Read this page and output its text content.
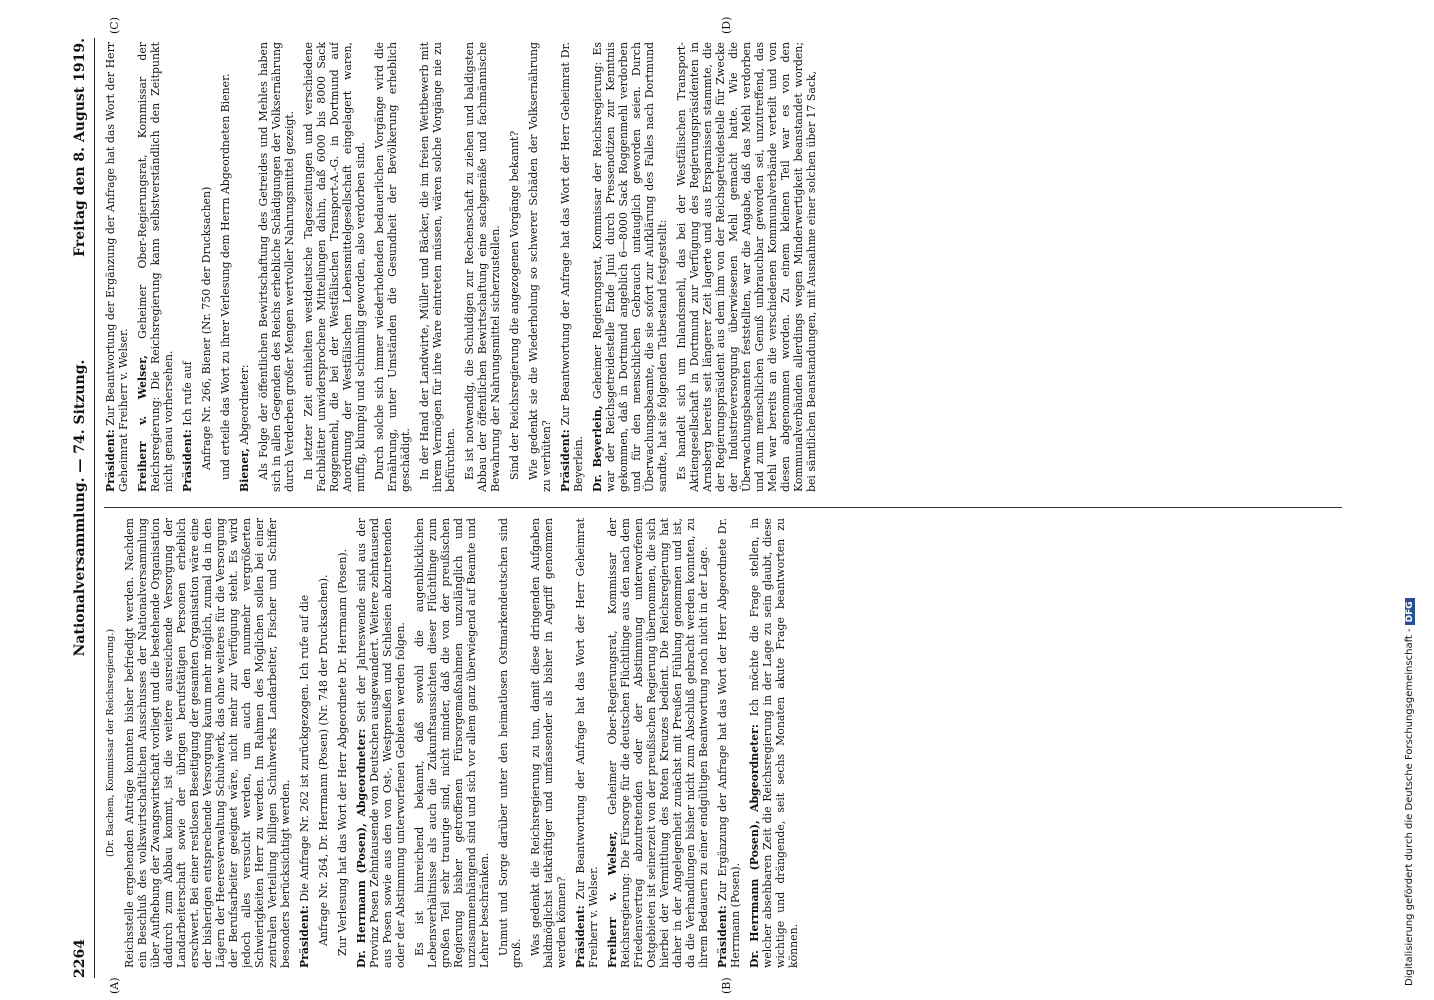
2264
Nationalversammlung. — 74. Sitzung.
Freitag den 8. August 1919.
(A)	(B)
(C)	(D)

(Dr. Bachem, Kommissar der Reichsregierung.) Reichsstelle ergehenden Anträge konnten bisher befriedigt werden. Nachdem ein Beschluß des volkswirtschaftlichen Ausschusses der Nationalversammlung über Aufhebung der Zwangswirtschaft vorliegt und die bestehende Organisation dadurch zum Abbau kommt, ist die weitere ausreichende Versorgung der Landarbeiterschaft sowie der übrigen berufstätigen Personen erheblich erschwert. Bei einer restlosen Beseitigung der gesamten Organisation wäre eine der bisherigen entsprechende Versorgung kaum mehr möglich, zumal da in den Lägern der Heeresverwaltung Schuhwerk, das ohne weiteres für die Versorgung der Berufsarbeiter geeignet wäre, nicht mehr zur Verfügung steht. Es wird jedoch alles versucht werden, um auch den nunmehr vergrößerten Schwierigkeiten Herr zu werden. Im Rahmen des Möglichen sollen bei einer zentralen Verteilung billigen Schuhwerks Landarbeiter, Fischer und Schiffer besonders berücksichtigt werden. Präsident: Die Anfrage Nr. 262 ist zurückgezogen. Ich rufe auf die Anfrage Nr. 264, Dr. Herrmann (Posen) (Nr. 748 der Drucksachen). Zur Verlesung hat das Wort der Herr Abgeordnete Dr. Herrmann (Posen). Dr. Herrmann (Posen), Abgeordneter: Seit der Jahreswende sind aus der Provinz Posen Zehntausende von Deutschen ausgewandert. Weitere zehntausend aus Posen sowie aus den von Ost-, Westpreußen und Schlesien abzutretenden oder der Abstimmung unterworfenen Gebieten werden folgen. Es ist hinreichend bekannt, daß sowohl die augenblicklichen Lebensverhältnisse als auch die Zukunftsaussichten dieser Flüchtlinge zum großen Teil sehr traurige sind, nicht minder, daß die von der preußischen Regierung bisher getroffenen Fürsorgemaßnahmen unzulänglich und unzusammenhängend sind und sich vor allem ganz überwiegend auf Beamte und Lehrer beschränken. Unmut und Sorge darüber unter den heimatlosen Ostmarkendeutschen sind groß. Was gedenkt die Reichsregierung zu tun, damit diese dringenden Aufgaben baldmöglichst tatkräftiger und umfassender als bisher in Angriff genommen werden können? Präsident: Zur Beantwortung der Anfrage hat das Wort der Herr Geheimrat Freiherr v. Welser. Freiherr v. Welser, Geheimer Ober-Regierungsrat, Kommissar der Reichsregierung: Die Fürsorge für die deutschen Flüchtlinge aus den nach dem Friedensvertrag abzutretenden oder der Abstimmung unterworfenen Ostgebieten ist seinerzeit von der preußischen Regierung übernommen, die sich hierbei der Vermittlung des Roten Kreuzes bedient. Die Reichsregierung hat daher in der Angelegenheit zunächst mit Preußen Fühlung genommen und ist, da die Verhandlungen bisher nicht zum Abschluß gebracht werden konnten, zu ihrem Bedauern zu einer endgültigen Beantwortung noch nicht in der Lage. Präsident: Zur Ergänzung der Anfrage hat das Wort der Herr Abgeordnete Dr. Herrmann (Posen). Dr. Herrmann (Posen), Abgeordneter: Ich möchte die Frage stellen, in welcher absehbaren Zeit die Reichsregierung in der Lage zu sein glaubt, diese wichtige und drängende, seit sechs Monaten akute Frage beantworten zu können.

Präsident: Zur Beantwortung der Ergänzung der Anfrage hat das Wort der Herr Geheimrat Freiherr v. Welser. Freiherr v. Welser, Geheimer Ober-Regierungsrat, Kommissar der Reichsregierung: Die Reichsregierung kann selbstverständlich den Zeitpunkt nicht genau vorhersehen. Präsident: Ich rufe auf Anfrage Nr. 266, Biener (Nr. 750 der Drucksachen) und erteile das Wort zu ihrer Verlesung dem Herrn Abgeordneten Biener. Biener, Abgeordneter: Als Folge der öffentlichen Bewirtschaftung des Getreides und Mehles haben sich in allen Gegenden des Reichs erhebliche Schädigungen der Volksernährung durch Verderben großer Mengen wertvoller Nahrungsmittel gezeigt. In letzter Zeit enthielten westdeutsche Tageszeitungen und verschiedene Fachblätter unwidersprochene Mitteilungen dahin, daß 6000 bis 8000 Sack Roggenmehl, die bei der Westfälischen Transport-A.-G. in Dortmund auf Anordnung der Westfälischen Lebensmittelgesellschaft eingelagert waren, muffig, klumpig und schimmlig geworden, also verdorben sind. Durch solche sich immer wiederholenden bedauerlichen Vorgänge wird die Ernährung, unter Umständen die Gesundheit der Bevölkerung erheblich geschädigt. In der Hand der Landwirte, Müller und Bäcker, die im freien Wettbewerb mit ihrem Vermögen für ihre Ware eintreten müssen, wären solche Vorgänge nie zu befürchten. Es ist notwendig, die Schuldigen zur Rechenschaft zu ziehen und baldigsten Abbau der öffentlichen Bewirtschaftung eine sachgemäße und fachmännische Bewahrung der Nahrungsmittel sicherzustellen. Sind der Reichsregierung die angezogenen Vorgänge bekannt? Wie gedenkt sie die Wiederholung so schwerer Schäden der Volksernährung zu verhüten? Präsident: Zur Beantwortung der Anfrage hat das Wort der Herr Geheimrat Dr. Beyerlein. Dr. Beyerlein, Geheimer Regierungsrat, Kommissar der Reichsregierung: Es war der Reichsgetreidestelle Ende Juni durch Pressenotizen zur Kenntnis gekommen, daß in Dortmund angeblich 6—8000 Sack Roggenmehl verdorben und für den menschlichen Gebrauch untauglich geworden seien. Durch Überwachungsbeamte, die sie sofort zur Aufklärung des Falles nach Dortmund sandte, hat sie folgenden Tatbestand festgestellt: Es handelt sich um Inlandsmehl, das bei der Westfälischen Transport-Aktiengesellschaft in Dortmund zur Verfügung des Regierungspräsidenten in Arnsberg bereits seit längerer Zeit lagerte und aus Ersparnissen stammte, die der Regierungspräsident aus dem ihm von der Reichsgetreidestelle für Zwecke der Industrieversorgung überwiesenen Mehl gemacht hatte. Wie die Überwachungsbeamten feststellten, war die Angabe, daß das Mehl verdorben und zum menschlichen Genuß unbrauchbar geworden sei, unzutreffend, das Mehl war bereits an die verschiedenen Kommunalverbände verteilt und von diesen abgenommen worden. Zu einem kleinen Teil war es von den Kommunalverbänden allerdings wegen Minderwertigkeit beanstandet worden; bei sämtlichen Beanstandungen, mit Ausnahme einer solchen über 17 Sack,

Digitalisierung gefördert durch die Deutsche Forschungsgemeinschaft -DFG
